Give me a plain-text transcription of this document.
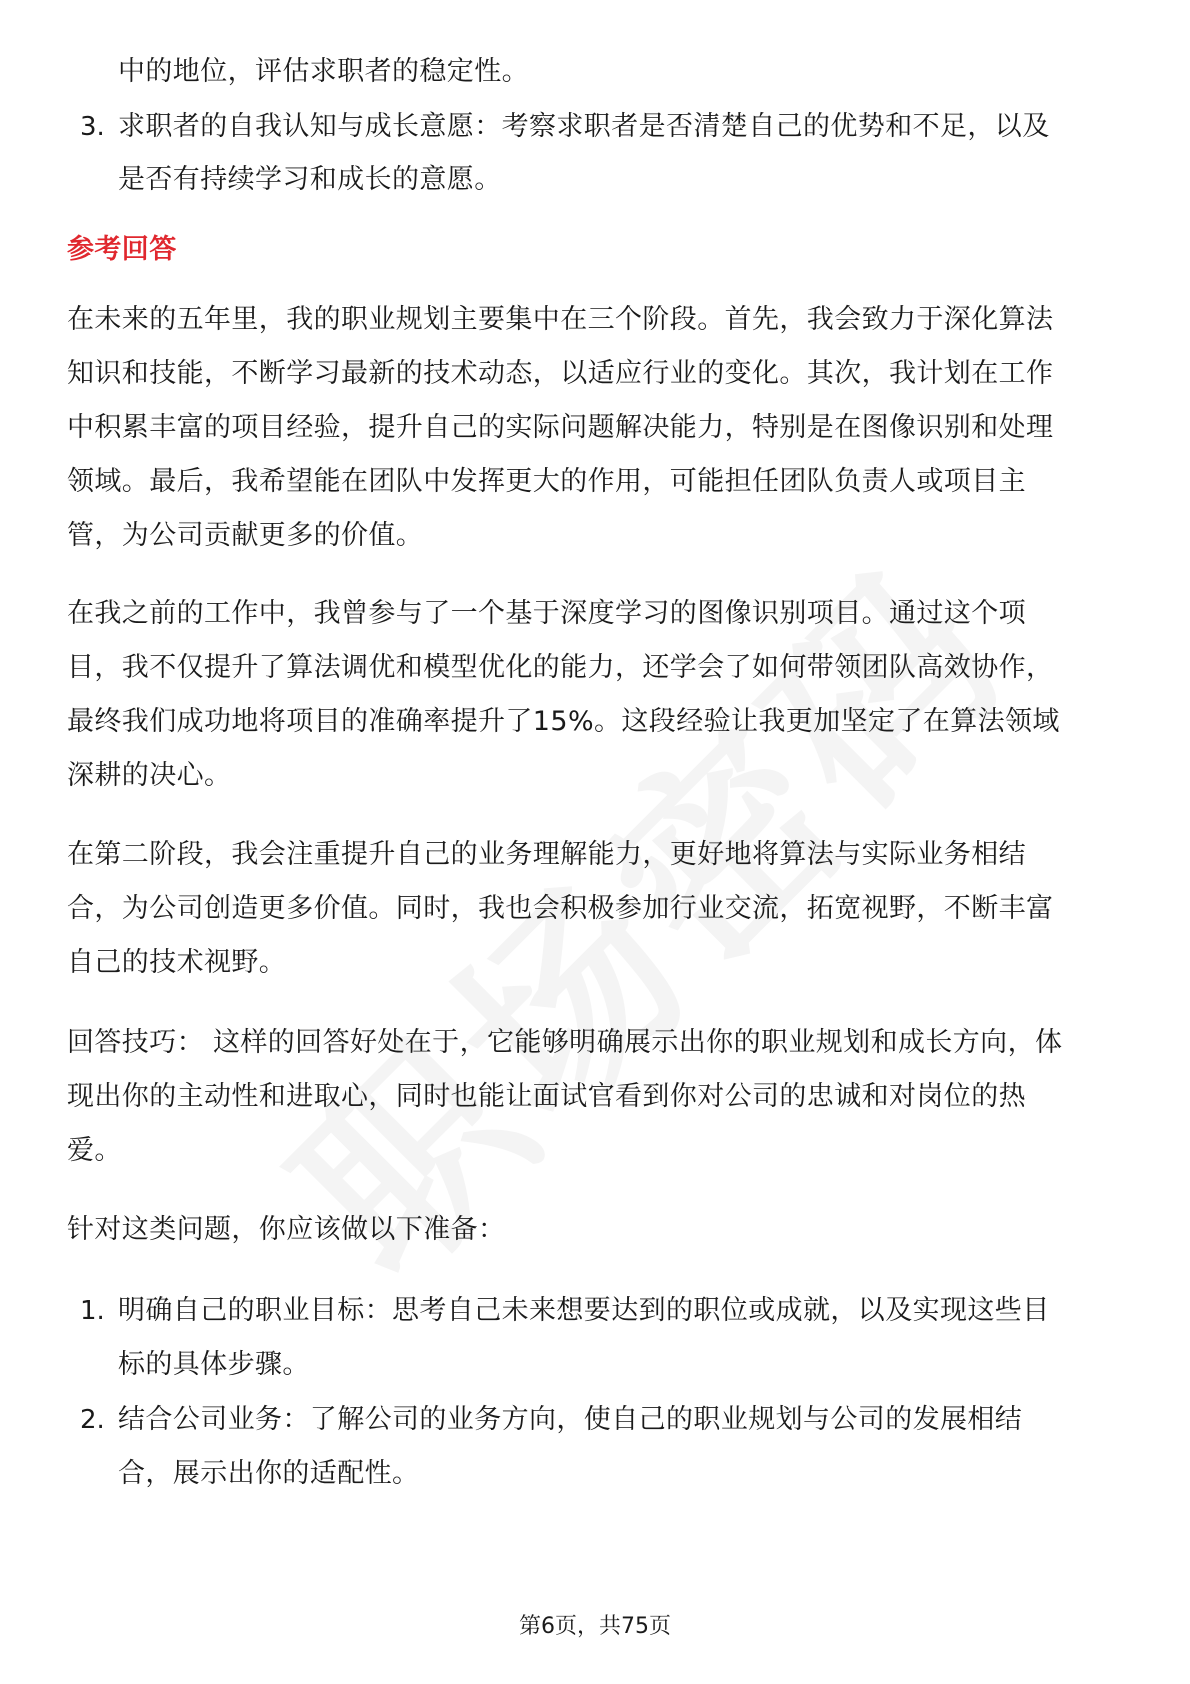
中的地位，评估求职者的稳定性。
3. 求职者的自我认知与成长意愿：考察求职者是否清楚自己的优势和不足，以及
是否有持续学习和成长的意愿。
参考回答
在未来的五年里，我的职业规划主要集中在三个阶段。首先，我会致力于深化算法
知识和技能，不断学习最新的技术动态，以适应行业的变化。其次，我计划在工作
中积累丰富的项目经验，提升自己的实际问题解决能力，特别是在图像识别和处理
领域。最后，我希望能在团队中发挥更大的作用，可能担任团队负责人或项目主
管，为公司贡献更多的价值。
在我之前的工作中，我曾参与了一个基于深度学习的图像识别项目。通过这个项
目，我不仅提升了算法调优和模型优化的能力，还学会了如何带领团队高效协作，
最终我们成功地将项目的准确率提升了15%。这段经验让我更加坚定了在算法领域
深耕的决心。
在第二阶段，我会注重提升自己的业务理解能力，更好地将算法与实际业务相结
合，为公司创造更多价值。同时，我也会积极参加行业交流，拓宽视野，不断丰富
自己的技术视野。
回答技巧： 这样的回答好处在于，它能够明确展示出你的职业规划和成长方向，体
现出你的主动性和进取心，同时也能让面试官看到你对公司的忠诚和对岗位的热
爱。
针对这类问题，你应该做以下准备：
1. 明确自己的职业目标：思考自己未来想要达到的职位或成就，以及实现这些目
标的具体步骤。
2. 结合公司业务：了解公司的业务方向，使自己的职业规划与公司的发展相结
合，展示出你的适配性。
第6页，共75页
